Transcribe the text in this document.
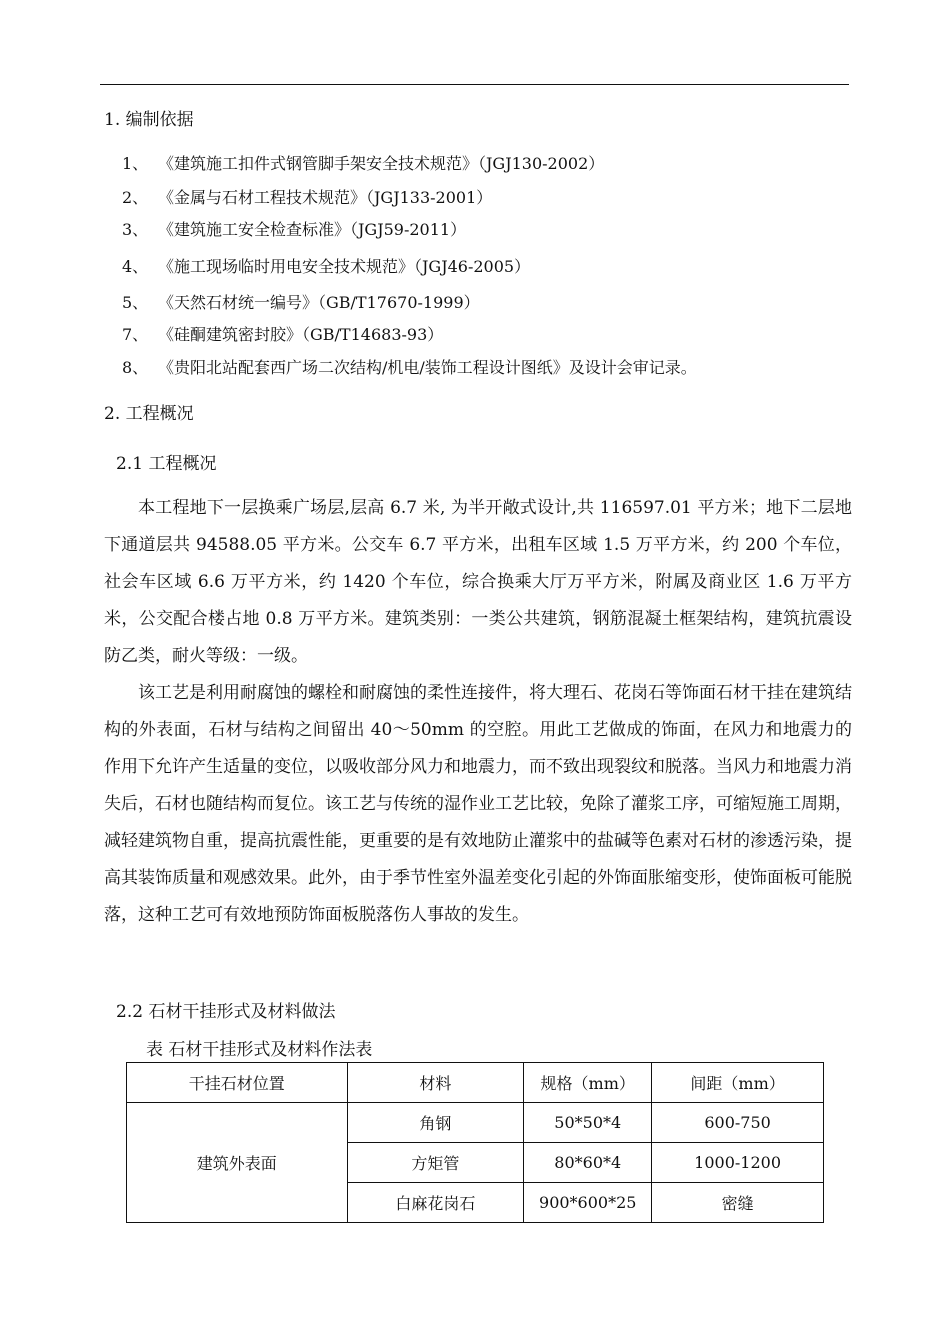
1. 编制依据
1、 《建筑施工扣件式钢管脚手架安全技术规范》（JGJ130-2002）
2、 《金属与石材工程技术规范》（JGJ133-2001）
3、 《建筑施工安全检查标准》（JGJ59-2011）
4、 《施工现场临时用电安全技术规范》（JGJ46-2005）
5、 《天然石材统一编号》（GB/T17670-1999）
7、 《硅酮建筑密封胶》（GB/T14683-93）
8、 《贵阳北站配套西广场二次结构/机电/装饰工程设计图纸》及设计会审记录。
2. 工程概况
2.1 工程概况

本工程地下一层换乘广场层,层高 6.7 米, 为半开敞式设计,共 116597.01 平方米；地下二层地下通道层共 94588.05 平方米。公交车 6.7 平方米，出租车区域 1.5 万平方米，约 200 个车位，社会车区域 6.6 万平方米，约 1420 个车位，综合换乘大厅万平方米，附属及商业区 1.6 万平方米，公交配合楼占地 0.8 万平方米。建筑类别：一类公共建筑，钢筋混凝土框架结构，建筑抗震设防乙类，耐火等级：一级。

该工艺是利用耐腐蚀的螺栓和耐腐蚀的柔性连接件，将大理石、花岗石等饰面石材干挂在建筑结构的外表面，石材与结构之间留出 40～50mm 的空腔。用此工艺做成的饰面，在风力和地震力的作用下允许产生适量的变位，以吸收部分风力和地震力，而不致出现裂纹和脱落。当风力和地震力消失后，石材也随结构而复位。该工艺与传统的湿作业工艺比较，免除了灌浆工序，可缩短施工周期，减轻建筑物自重，提高抗震性能，更重要的是有效地防止灌浆中的盐碱等色素对石材的渗透污染，提高其装饰质量和观感效果。此外，由于季节性室外温差变化引起的外饰面胀缩变形，使饰面板可能脱落，这种工艺可有效地预防饰面板脱落伤人事故的发生。

2.2 石材干挂形式及材料做法
表 石材干挂形式及材料作法表
干挂石材位置	材料	规格（mm）	间距（mm）
建筑外表面	角钢	50*50*4	600-750
	方矩管	80*60*4	1000-1200
	白麻花岗石	900*600*25	密缝
